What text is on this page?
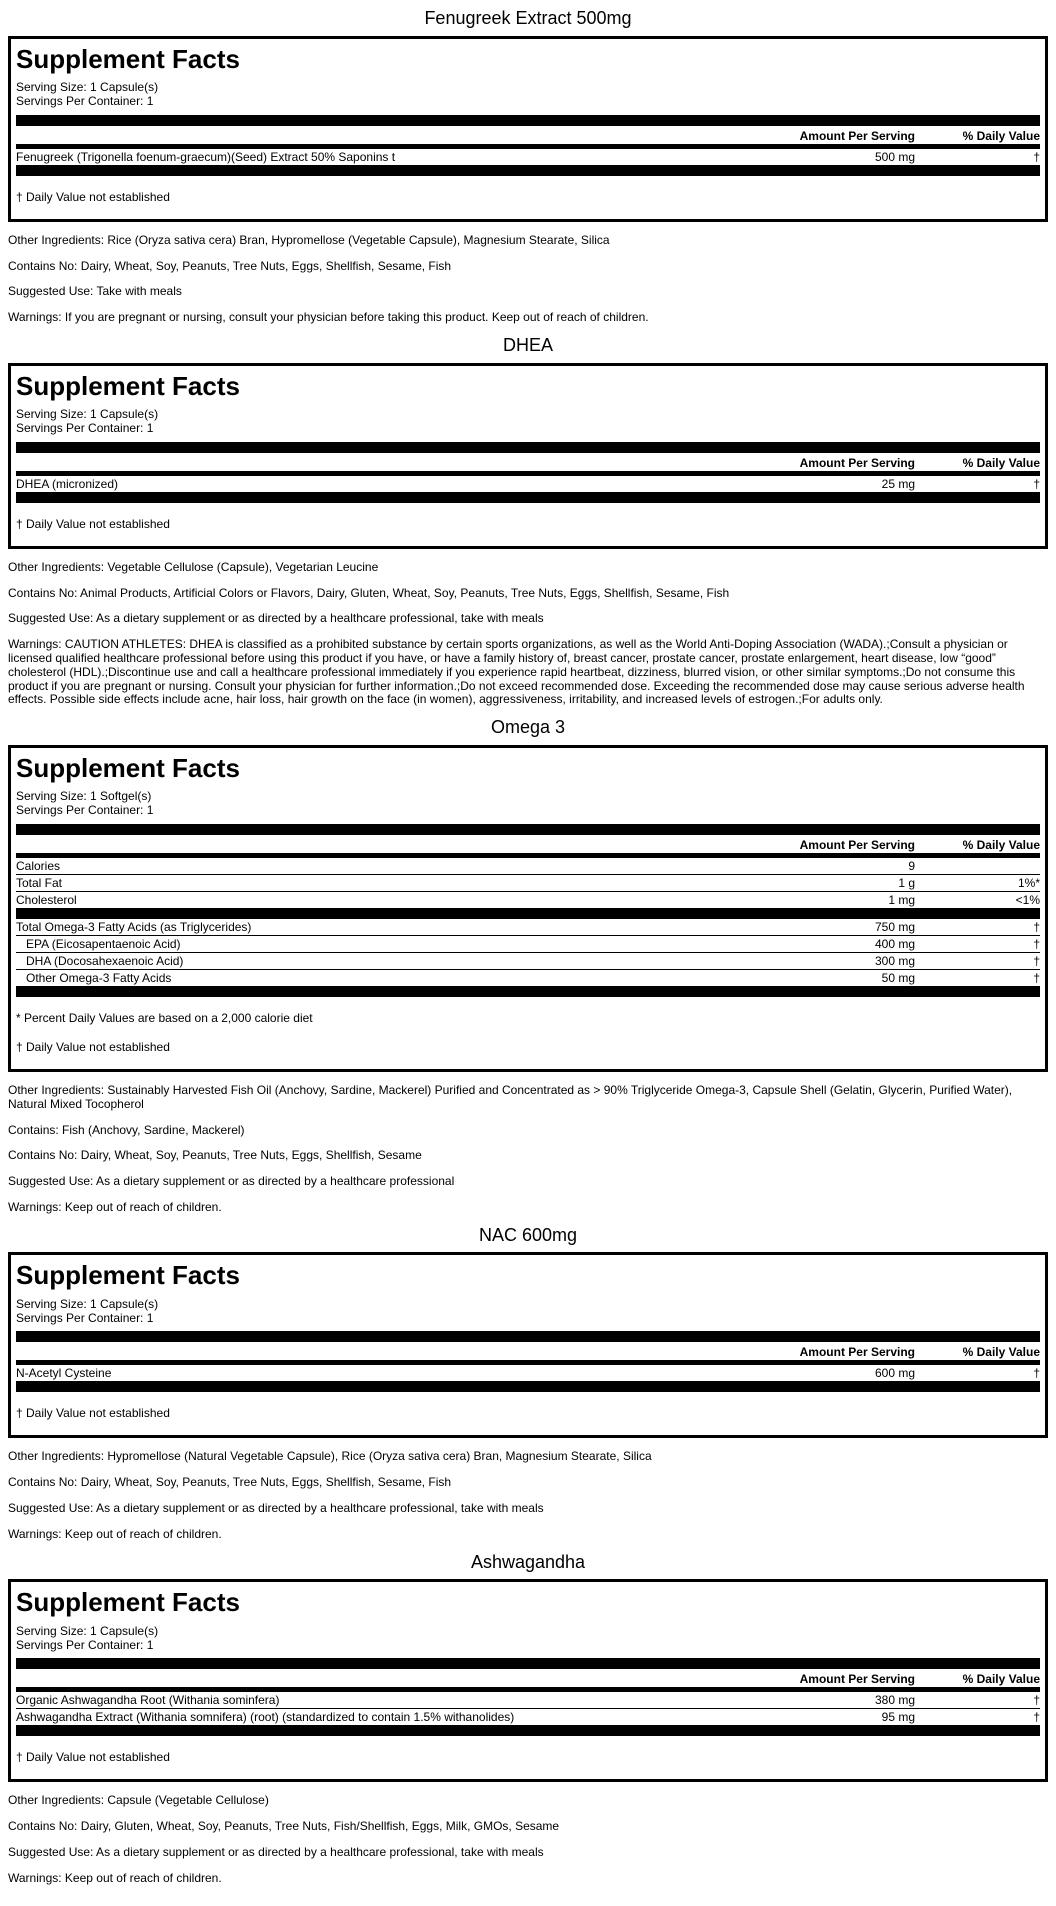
Fenugreek Extract 500mg
Supplement Facts
Serving Size: 1 Capsule(s)
Servings Per Container: 1
Amount Per Serving	% Daily Value
Fenugreek (Trigonella foenum-graecum)(Seed) Extract 50% Saponins t	500 mg	†
† Daily Value not established

Other Ingredients: Rice (Oryza sativa cera) Bran, Hypromellose (Vegetable Capsule), Magnesium Stearate, Silica

Contains No: Dairy, Wheat, Soy, Peanuts, Tree Nuts, Eggs, Shellfish, Sesame, Fish

Suggested Use: Take with meals

Warnings: If you are pregnant or nursing, consult your physician before taking this product. Keep out of reach of children.

DHEA
Supplement Facts
Serving Size: 1 Capsule(s)
Servings Per Container: 1
Amount Per Serving	% Daily Value
DHEA (micronized)	25 mg	†
† Daily Value not established

Other Ingredients: Vegetable Cellulose (Capsule), Vegetarian Leucine

Contains No: Animal Products, Artificial Colors or Flavors, Dairy, Gluten, Wheat, Soy, Peanuts, Tree Nuts, Eggs, Shellfish, Sesame, Fish

Suggested Use: As a dietary supplement or as directed by a healthcare professional, take with meals

Warnings: CAUTION ATHLETES: DHEA is classified as a prohibited substance by certain sports organizations, as well as the World Anti-Doping Association (WADA).;Consult a physician or licensed qualified healthcare professional before using this product if you have, or have a family history of, breast cancer, prostate cancer, prostate enlargement, heart disease, low “good” cholesterol (HDL).;Discontinue use and call a healthcare professional immediately if you experience rapid heartbeat, dizziness, blurred vision, or other similar symptoms.;Do not consume this product if you are pregnant or nursing. Consult your physician for further information.;Do not exceed recommended dose. Exceeding the recommended dose may cause serious adverse health effects. Possible side effects include acne, hair loss, hair growth on the face (in women), aggressiveness, irritability, and increased levels of estrogen.;For adults only.

Omega 3
Supplement Facts
Serving Size: 1 Softgel(s)
Servings Per Container: 1
Amount Per Serving	% Daily Value
Calories	9
Total Fat	1 g	1%*
Cholesterol	1 mg	<1%
Total Omega-3 Fatty Acids (as Triglycerides)	750 mg	†
EPA (Eicosapentaenoic Acid)	400 mg	†
DHA (Docosahexaenoic Acid)	300 mg	†
Other Omega-3 Fatty Acids	50 mg	†
* Percent Daily Values are based on a 2,000 calorie diet
† Daily Value not established

Other Ingredients: Sustainably Harvested Fish Oil (Anchovy, Sardine, Mackerel) Purified and Concentrated as > 90% Triglyceride Omega-3, Capsule Shell (Gelatin, Glycerin, Purified Water), Natural Mixed Tocopherol

Contains: Fish (Anchovy, Sardine, Mackerel)

Contains No: Dairy, Wheat, Soy, Peanuts, Tree Nuts, Eggs, Shellfish, Sesame

Suggested Use: As a dietary supplement or as directed by a healthcare professional

Warnings: Keep out of reach of children.

NAC 600mg
Supplement Facts
Serving Size: 1 Capsule(s)
Servings Per Container: 1
Amount Per Serving	% Daily Value
N-Acetyl Cysteine	600 mg	†
† Daily Value not established

Other Ingredients: Hypromellose (Natural Vegetable Capsule), Rice (Oryza sativa cera) Bran, Magnesium Stearate, Silica

Contains No: Dairy, Wheat, Soy, Peanuts, Tree Nuts, Eggs, Shellfish, Sesame, Fish

Suggested Use: As a dietary supplement or as directed by a healthcare professional, take with meals

Warnings: Keep out of reach of children.

Ashwagandha
Supplement Facts
Serving Size: 1 Capsule(s)
Servings Per Container: 1
Amount Per Serving	% Daily Value
Organic Ashwagandha Root (Withania sominfera)	380 mg	†
Ashwagandha Extract (Withania somnifera) (root) (standardized to contain 1.5% withanolides)	95 mg	†
† Daily Value not established

Other Ingredients: Capsule (Vegetable Cellulose)

Contains No: Dairy, Gluten, Wheat, Soy, Peanuts, Tree Nuts, Fish/Shellfish, Eggs, Milk, GMOs, Sesame

Suggested Use: As a dietary supplement or as directed by a healthcare professional, take with meals

Warnings: Keep out of reach of children.
